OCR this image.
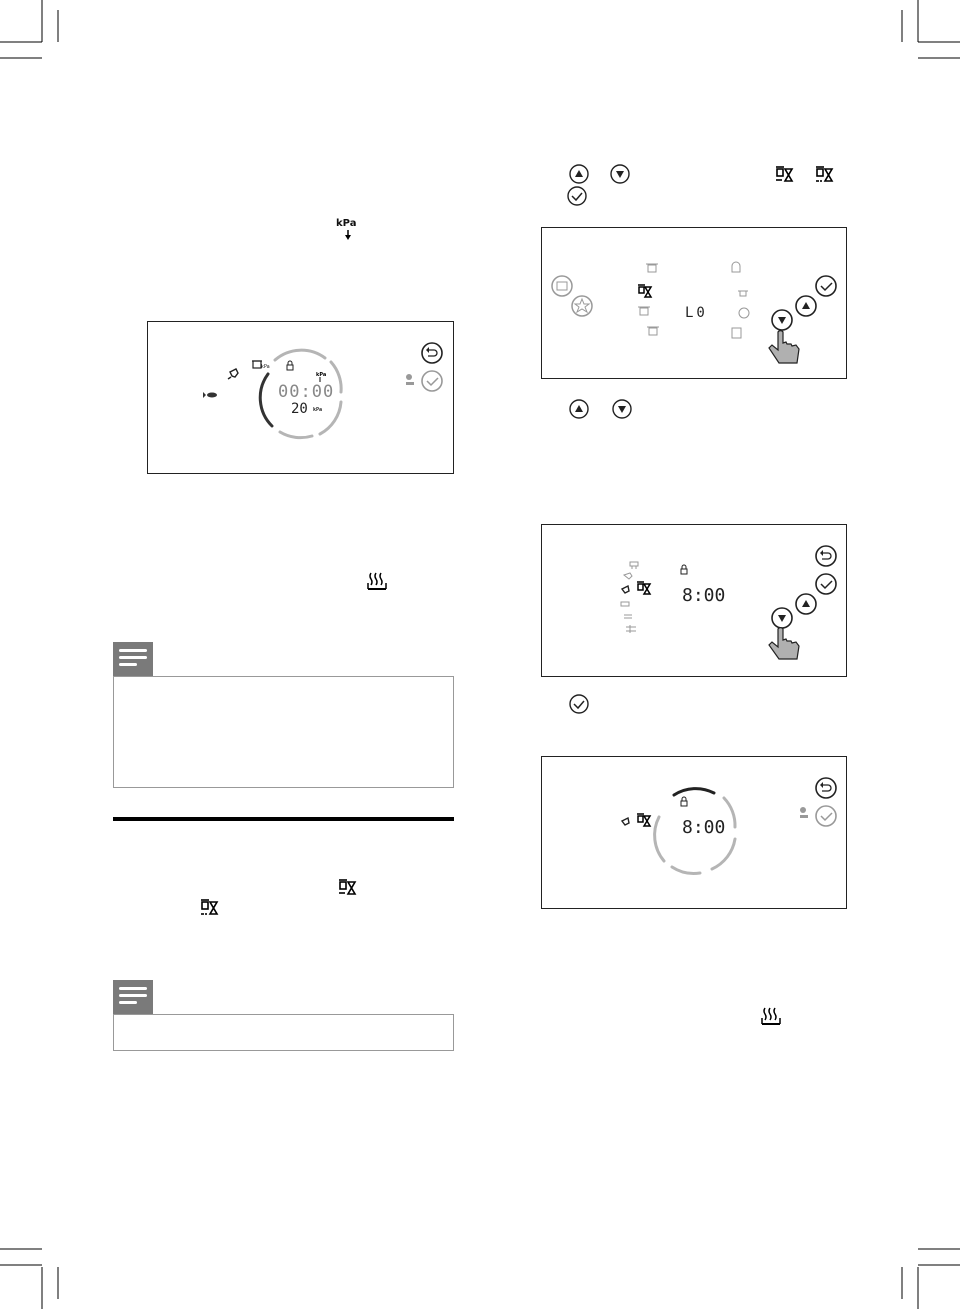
kPa
kPa
kPa
00:00
20 kPa
L0
8:00
8:00
